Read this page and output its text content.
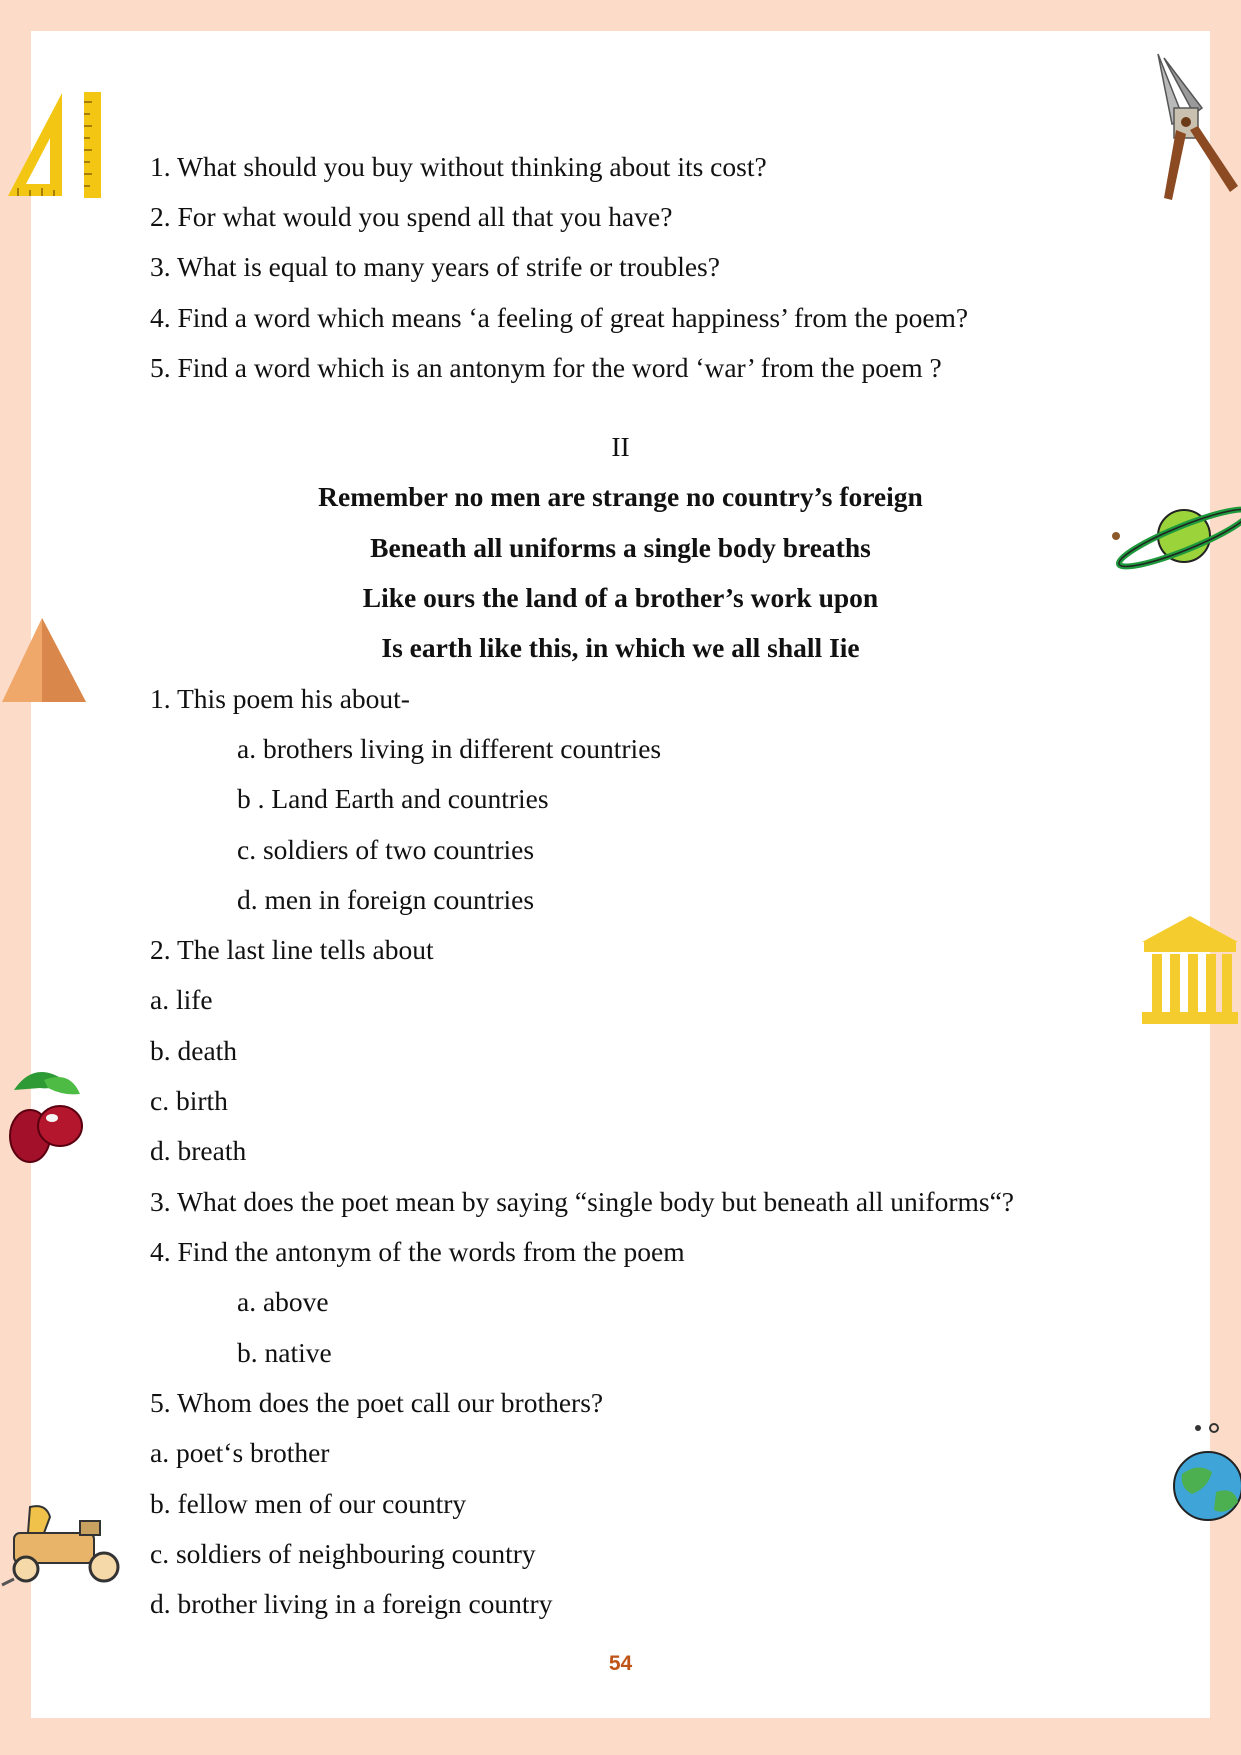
1. What should you buy without thinking about its cost?
2. For what would you spend all that you have?
3. What is equal to many years of strife or troubles?
4. Find a word which means ‘a feeling of great happiness’ from the poem?
5. Find a word which is an antonym for the word ‘war’ from the poem ?
II
Remember no men are strange no country’s foreign
Beneath all uniforms a single body breaths
Like ours the land of a brother’s work upon
Is earth like this, in which we all shall Iie
1. This poem his about-
a. brothers living in different countries
b . Land Earth and countries
c. soldiers of two countries
d. men in foreign countries
2. The last line tells about
a. life
b. death
c. birth
d. breath
3. What does the poet mean by saying “single body but beneath all uniforms“?
4. Find the antonym of the words from the poem
a. above
b. native
5. Whom does the poet call our brothers?
a. poet‘s brother
b. fellow men of our country
c. soldiers of neighbouring country
d. brother living in a foreign country
54
